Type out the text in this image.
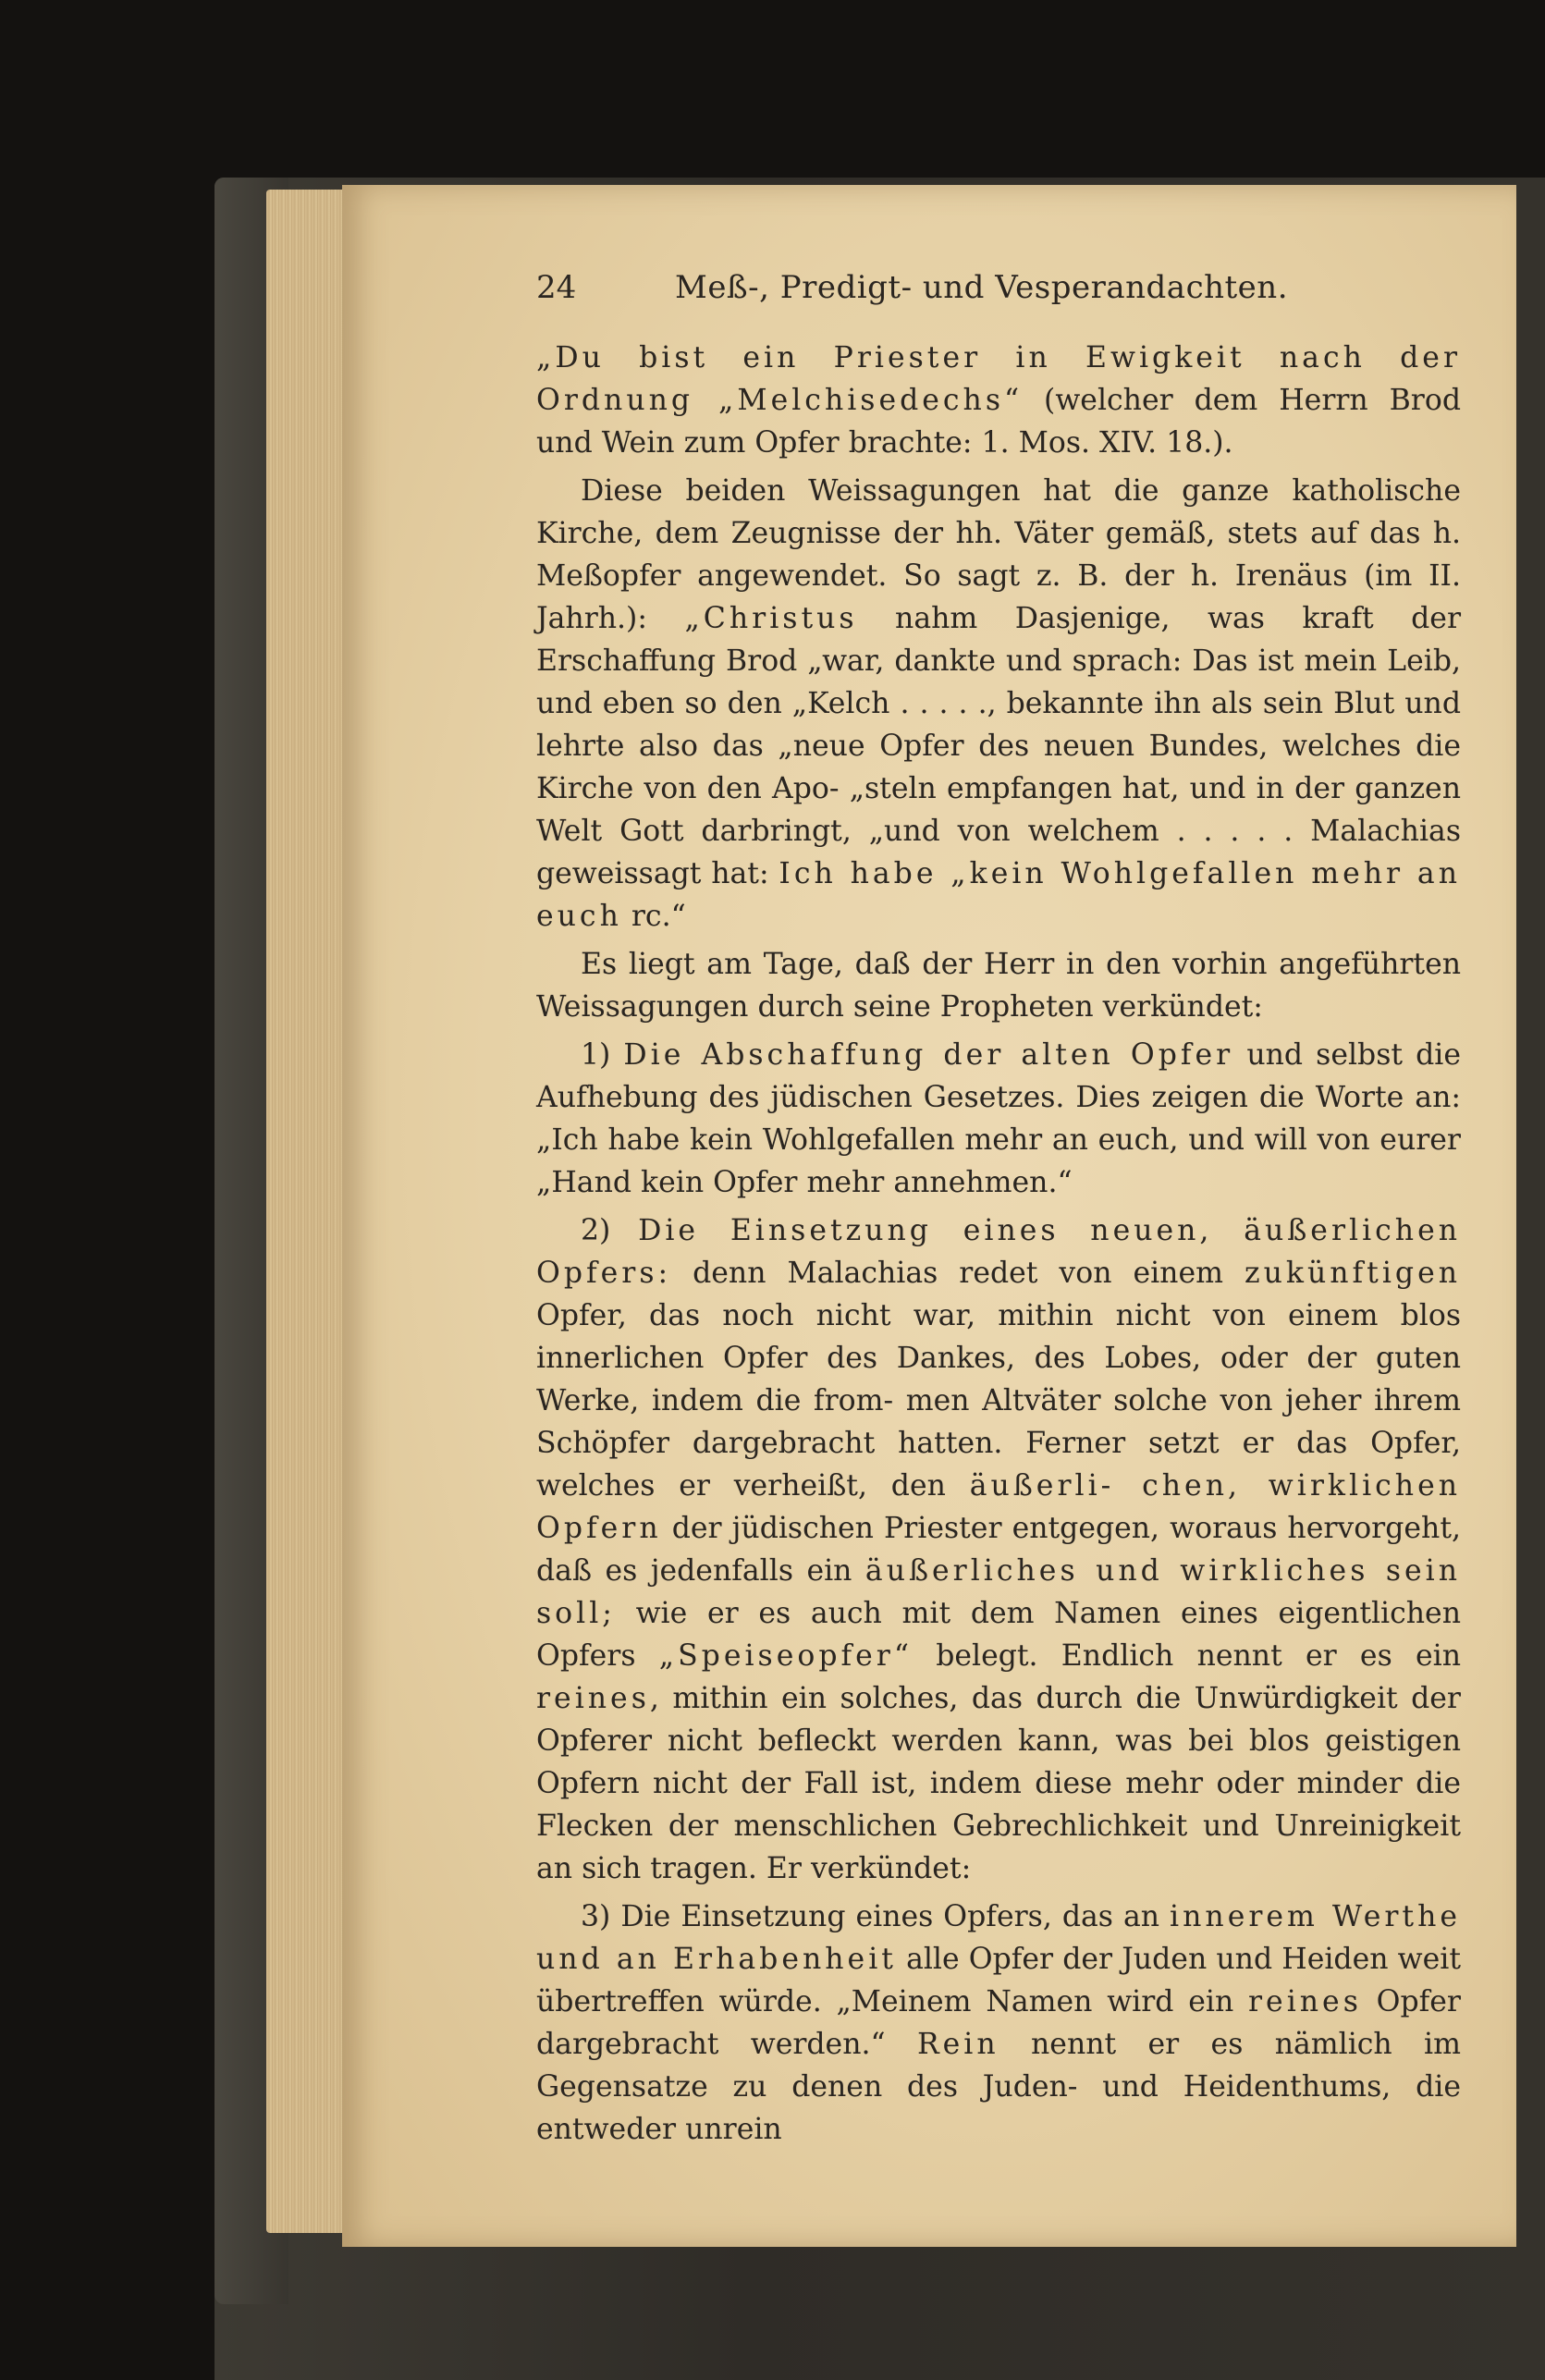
24	Meß-, Predigt- und Vesperandachten.

„Du bist ein Priester in Ewigkeit nach der Ordnung „Melchisedechs“ (welcher dem Herrn Brod und Wein zum Opfer brachte: 1. Mos. XIV. 18.).

Diese beiden Weissagungen hat die ganze katholische Kirche, dem Zeugnisse der hh. Väter gemäß, stets auf das h. Meßopfer angewendet. So sagt z. B. der h. Irenäus (im II. Jahrh.): „Christus nahm Dasjenige, was kraft der Erschaffung Brod „war, dankte und sprach: Das ist mein Leib, und eben so den „Kelch . . . . ., bekannte ihn als sein Blut und lehrte also das „neue Opfer des neuen Bundes, welches die Kirche von den Apo- „steln empfangen hat, und in der ganzen Welt Gott darbringt, „und von welchem . . . . . Malachias geweissagt hat: Ich habe „kein Wohlgefallen mehr an euch rc.“

Es liegt am Tage, daß der Herr in den vorhin angeführten Weissagungen durch seine Propheten verkündet:

1) Die Abschaffung der alten Opfer und selbst die Aufhebung des jüdischen Gesetzes. Dies zeigen die Worte an: „Ich habe kein Wohlgefallen mehr an euch, und will von eurer „Hand kein Opfer mehr annehmen.“

2) Die Einsetzung eines neuen, äußerlichen Opfers: denn Malachias redet von einem zukünftigen Opfer, das noch nicht war, mithin nicht von einem blos innerlichen Opfer des Dankes, des Lobes, oder der guten Werke, indem die from- men Altväter solche von jeher ihrem Schöpfer dargebracht hatten. Ferner setzt er das Opfer, welches er verheißt, den äußerli- chen, wirklichen Opfern der jüdischen Priester entgegen, woraus hervorgeht, daß es jedenfalls ein äußerliches und wirkliches sein soll; wie er es auch mit dem Namen eines eigentlichen Opfers „Speiseopfer“ belegt. Endlich nennt er es ein reines, mithin ein solches, das durch die Unwürdigkeit der Opferer nicht befleckt werden kann, was bei blos geistigen Opfern nicht der Fall ist, indem diese mehr oder minder die Flecken der menschlichen Gebrechlichkeit und Unreinigkeit an sich tragen. Er verkündet:

3) Die Einsetzung eines Opfers, das an innerem Werthe und an Erhabenheit alle Opfer der Juden und Heiden weit übertreffen würde. „Meinem Namen wird ein reines Opfer dargebracht werden.“ Rein nennt er es nämlich im Gegensatze zu denen des Juden- und Heidenthums, die entweder unrein
